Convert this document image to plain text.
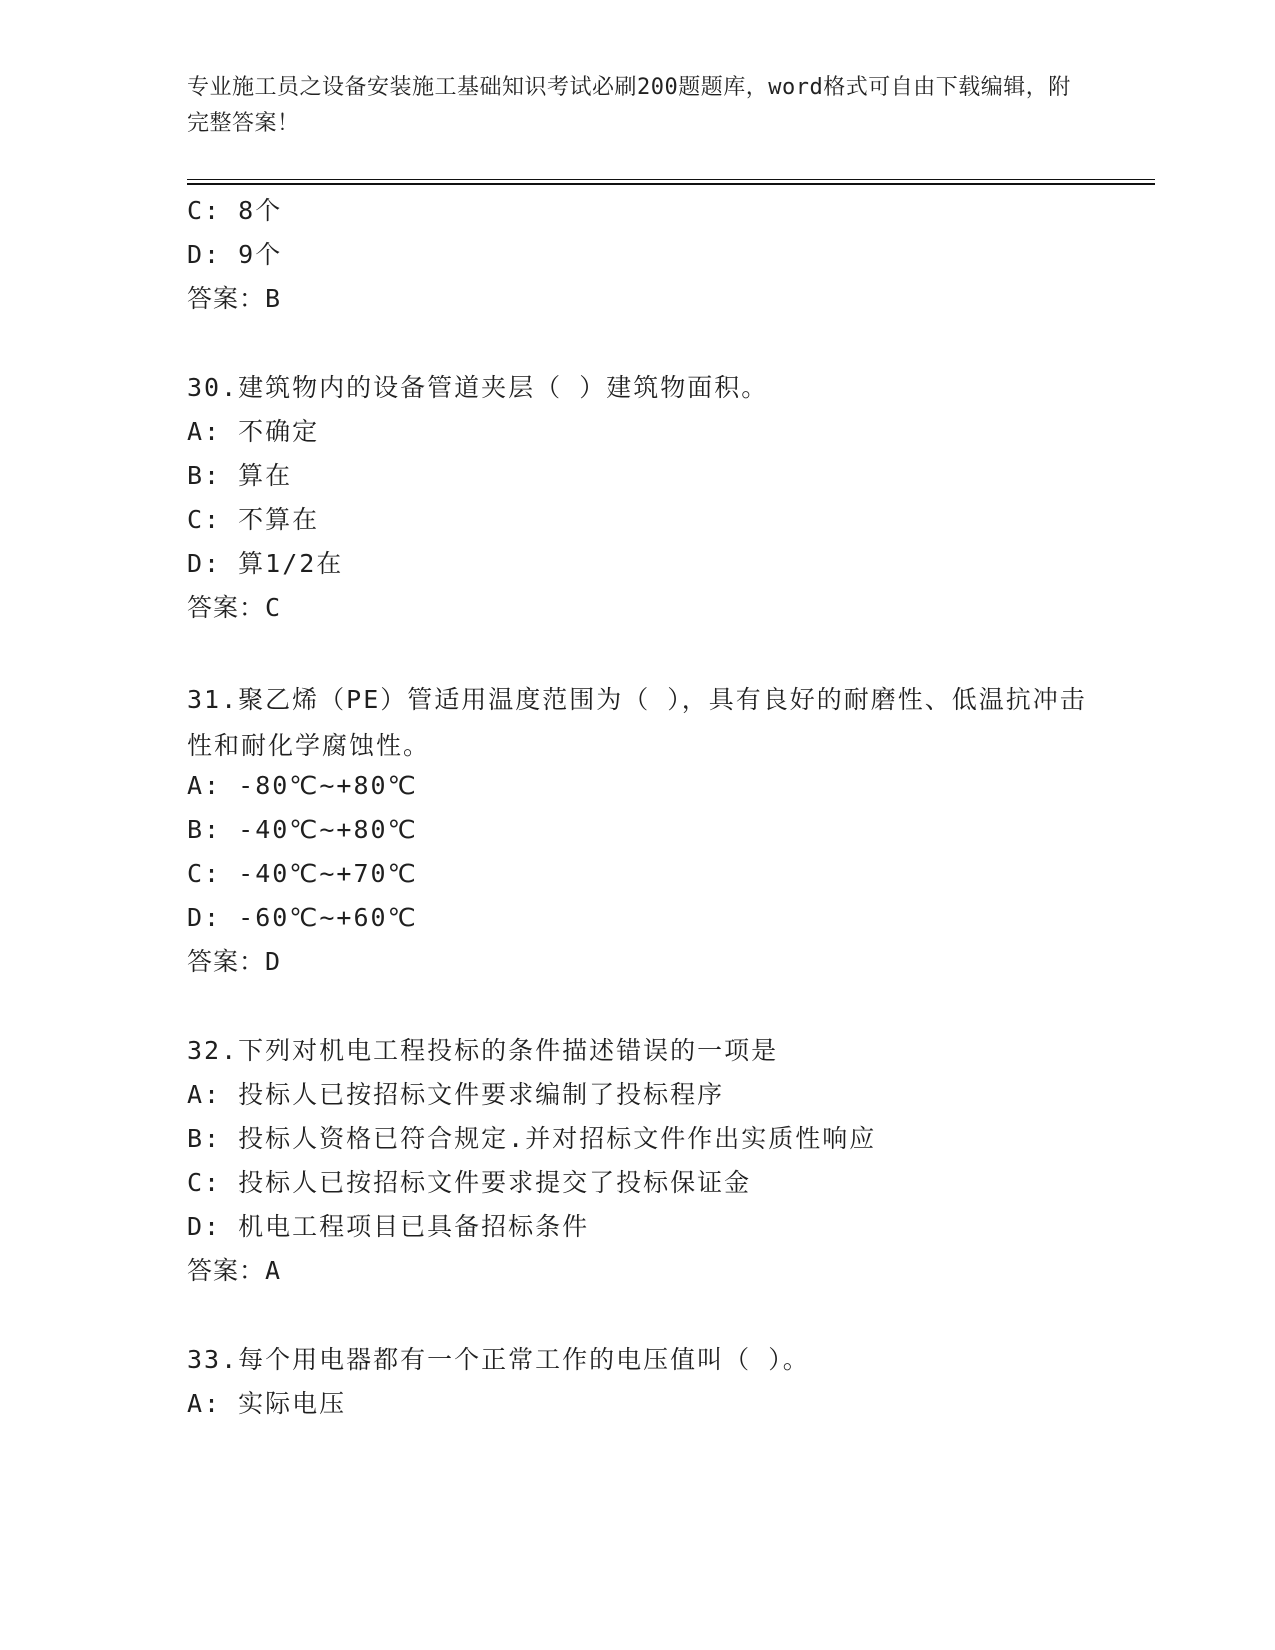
专业施工员之设备安装施工基础知识考试必刷200题题库，word格式可自由下载编辑，附完整答案！
C: 8个
D: 9个
答案：B
30.建筑物内的设备管道夹层（ ）建筑物面积。
A: 不确定
B: 算在
C: 不算在
D: 算1/2在
答案：C
31.聚乙烯（PE）管适用温度范围为（ ），具有良好的耐磨性、低温抗冲击性和耐化学腐蚀性。
A: -80℃~+80℃
B: -40℃~+80℃
C: -40℃~+70℃
D: -60℃~+60℃
答案：D
32.下列对机电工程投标的条件描述错误的一项是
A: 投标人已按招标文件要求编制了投标程序
B: 投标人资格已符合规定.并对招标文件作出实质性响应
C: 投标人已按招标文件要求提交了投标保证金
D: 机电工程项目已具备招标条件
答案：A
33.每个用电器都有一个正常工作的电压值叫（ ）。
A: 实际电压
